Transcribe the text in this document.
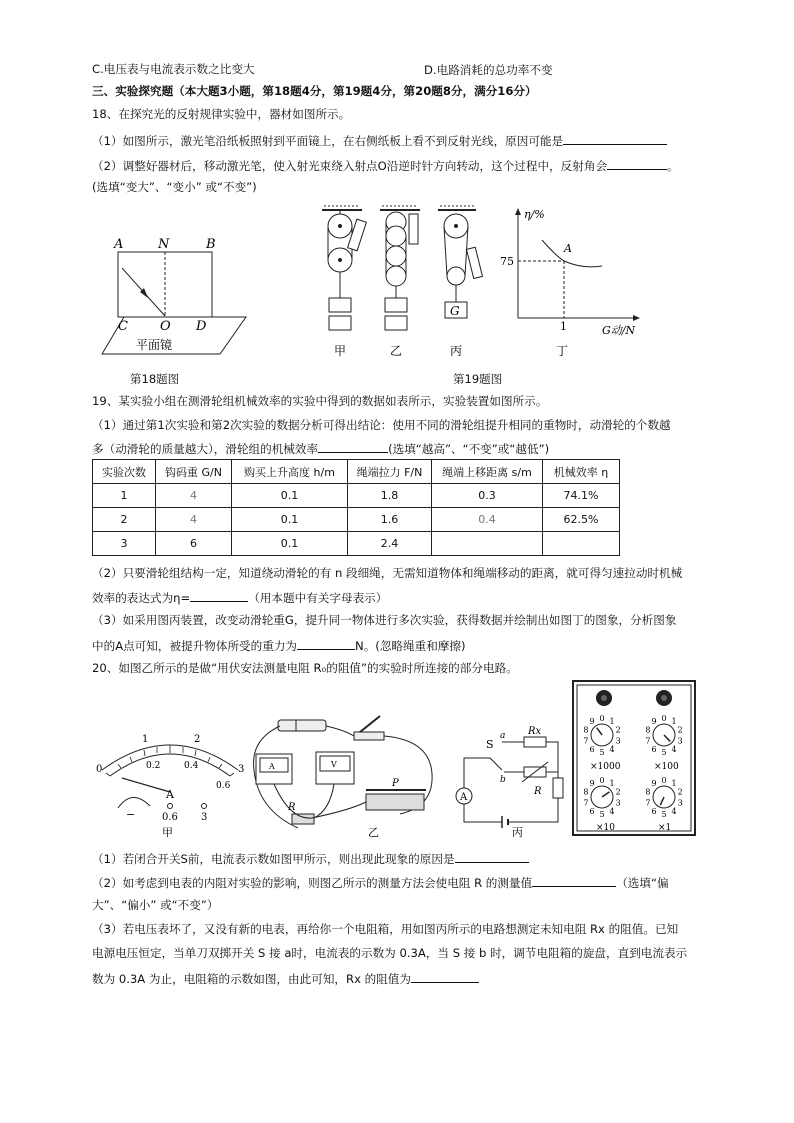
C.电压表与电流表示数之比变大	D.电路消耗的总功率不变
三、实验探究题（本大题3小题，第18题4分，第19题4分，第20题8分，满分16分）
18、在探究光的反射规律实验中，器材如图所示。
（1）如图所示，激光笔沿纸板照射到平面镜上，在右侧纸板上看不到反射光线，原因可能是
（2）调整好器材后，移动激光笔，使入射光束绕入射点O沿逆时针方向转动，这个过程中，反射角会	。
(选填“变大”、“变小” 或“不变”)
A	N	B
C O D
平面镜
第18题图
G
甲	乙	丙
η/%
G动/N
75
1
A
丁
第19题图
19、某实验小组在测滑轮组机械效率的实验中得到的数据如表所示，实验装置如图所示。
（1）通过第1次实验和第2次实验的数据分析可得出结论：使用不同的滑轮组提升相同的重物时，动滑轮的个数越
多（动滑轮的质量越大），滑轮组的机械效率	(选填“越高”、“不变”或“越低”)
实验次数	钩码重 G/N	购买上升高度 h/m	绳端拉力 F/N	绳端上移距离 s/m	机械效率 η
1	4	0.1	1.8	0.3	74.1%
2	4	0.1	1.6	0.4	62.5%
3	6	0.1	2.4		
（2）只要滑轮组结构一定，知道绕动滑轮的有 n 段细绳，无需知道物体和绳端移动的距离，就可得匀速拉动时机械
效率的表达式为η=	（用本题中有关字母表示）
（3）如采用图丙装置，改变动滑轮重G，提升同一物体进行多次实验，获得数据并绘制出如图丁的图象，分析图象
中的A点可知，被提升物体所受的重力为	N。(忽略绳重和摩擦)
20、如图乙所示的是做“用伏安法测量电阻 R₀的阻值”的实验时所连接的部分电路。
0
1	2
3
0.2	0.4
0.6
A
−	0.6 3
甲
A	V
R
P
乙
A
S
a
b
Rx
R
丙
0 1
2
3
4
5
6
7
8
9	0 1
2
3
4
5
6
7
8
9
0 1
2
3
4
5
6
7
8
9	0 1
2
3
4
5
6
7
8
9
×1000	×100
×10	×1
（1）若闭合开关S前，电流表示数如图甲所示，则出现此现象的原因是
（2）如考虑到电表的内阻对实验的影响，则图乙所示的测量方法会使电阻 R 的测量值	（选填“偏
大”、“偏小” 或“不变”）
（3）若电压表坏了，又没有新的电表，再给你一个电阻箱，用如图丙所示的电路想测定未知电阻 Rx 的阻值。已知
电源电压恒定，当单刀双掷开关 S 接 a时，电流表的示数为 0.3A，当 S 接 b 时，调节电阻箱的旋盘，直到电流表示
数为 0.3A 为止，电阻箱的示数如图，由此可知，Rx 的阻值为
